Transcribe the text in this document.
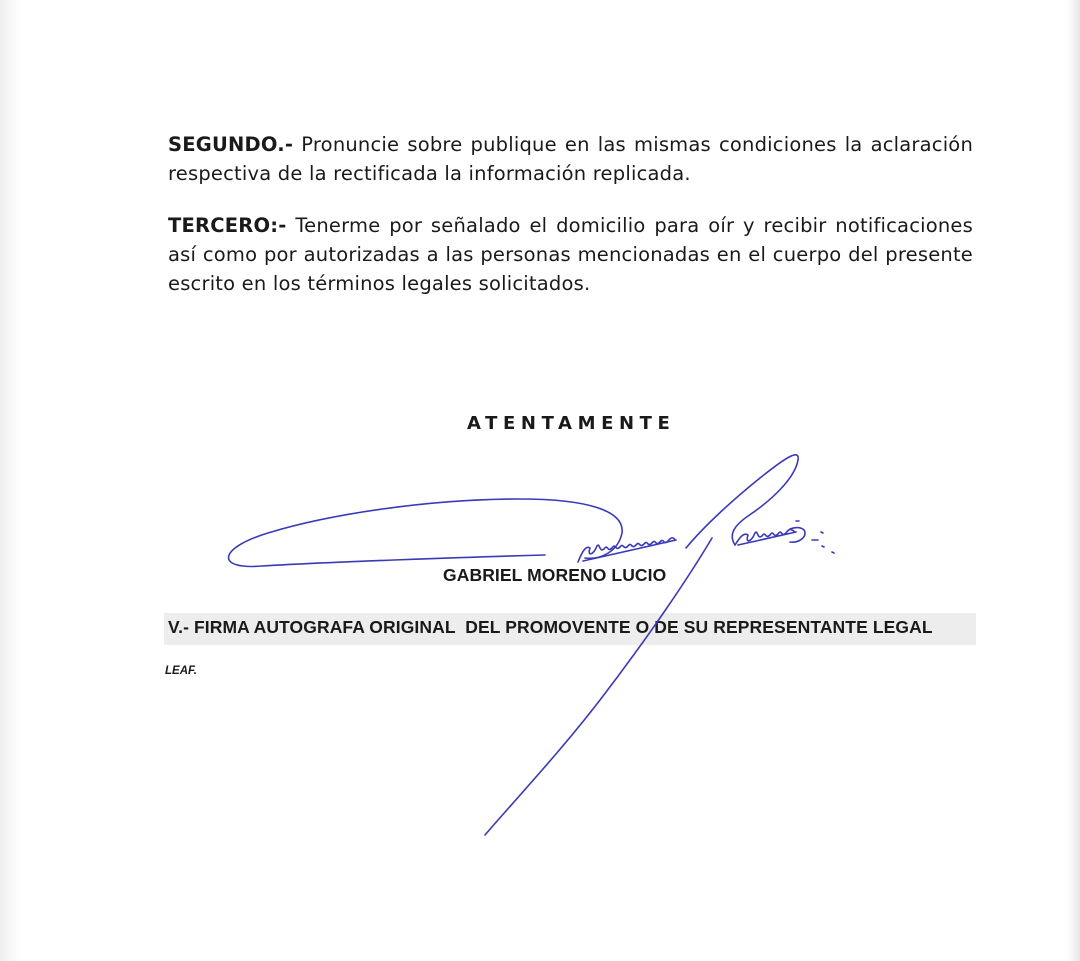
SEGUNDO.- Pronuncie sobre publique en las mismas condiciones la aclaración respectiva de la rectificada la información replicada.

TERCERO:- Tenerme por señalado el domicilio para oír y recibir notificaciones así como por autorizadas a las personas mencionadas en el cuerpo del presente escrito en los términos legales solicitados.

ATENTAMENTE
GABRIEL MORENO LUCIO
V.- FIRMA AUTOGRAFA ORIGINAL  DEL PROMOVENTE O DE SU REPRESENTANTE LEGAL
LEAF.
